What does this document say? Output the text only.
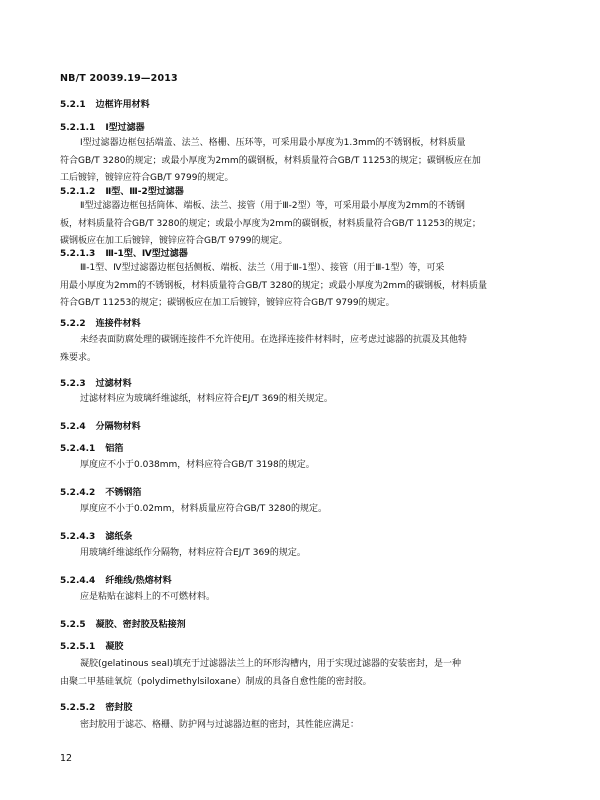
NB/T 20039.19—2013
5.2.1 边框许用材料
5.2.1.1 Ⅰ型过滤器
Ⅰ型过滤器边框包括端盖、法兰、格栅、压环等，可采用最小厚度为1.3mm的不锈钢板，材料质量
符合GB/T 3280的规定；或最小厚度为2mm的碳钢板，材料质量符合GB/T 11253的规定；碳钢板应在加
工后镀锌，镀锌应符合GB/T 9799的规定。
5.2.1.2 Ⅱ型、Ⅲ-2型过滤器
Ⅱ型过滤器边框包括筒体、端板、法兰、接管（用于Ⅲ-2型）等，可采用最小厚度为2mm的不锈钢
板，材料质量符合GB/T 3280的规定；或最小厚度为2mm的碳钢板，材料质量符合GB/T 11253的规定；
碳钢板应在加工后镀锌，镀锌应符合GB/T 9799的规定。
5.2.1.3 Ⅲ-1型、Ⅳ型过滤器
Ⅲ-1型、Ⅳ型过滤器边框包括侧板、端板、法兰（用于Ⅲ-1型）、接管（用于Ⅲ-1型）等，可采
用最小厚度为2mm的不锈钢板，材料质量符合GB/T 3280的规定；或最小厚度为2mm的碳钢板，材料质量
符合GB/T 11253的规定；碳钢板应在加工后镀锌，镀锌应符合GB/T 9799的规定。
5.2.2 连接件材料
未经表面防腐处理的碳钢连接件不允许使用。在选择连接件材料时，应考虑过滤器的抗震及其他特
殊要求。
5.2.3 过滤材料
过滤材料应为玻璃纤维滤纸，材料应符合EJ/T 369的相关规定。
5.2.4 分隔物材料
5.2.4.1 铝箔
厚度应不小于0.038mm，材料应符合GB/T 3198的规定。
5.2.4.2 不锈钢箔
厚度应不小于0.02mm，材料质量应符合GB/T 3280的规定。
5.2.4.3 滤纸条
用玻璃纤维滤纸作分隔物，材料应符合EJ/T 369的规定。
5.2.4.4 纤维线/热熔材料
应是粘贴在滤料上的不可燃材料。
5.2.5 凝胶、密封胶及粘接剂
5.2.5.1 凝胶
凝胶(gelatinous seal)填充于过滤器法兰上的环形沟槽内，用于实现过滤器的安装密封，是一种
由聚二甲基硅氧烷（polydimethylsiloxane）制成的具备自愈性能的密封胶。
5.2.5.2 密封胶
密封胶用于滤芯、格栅、防护网与过滤器边框的密封，其性能应满足：
12
